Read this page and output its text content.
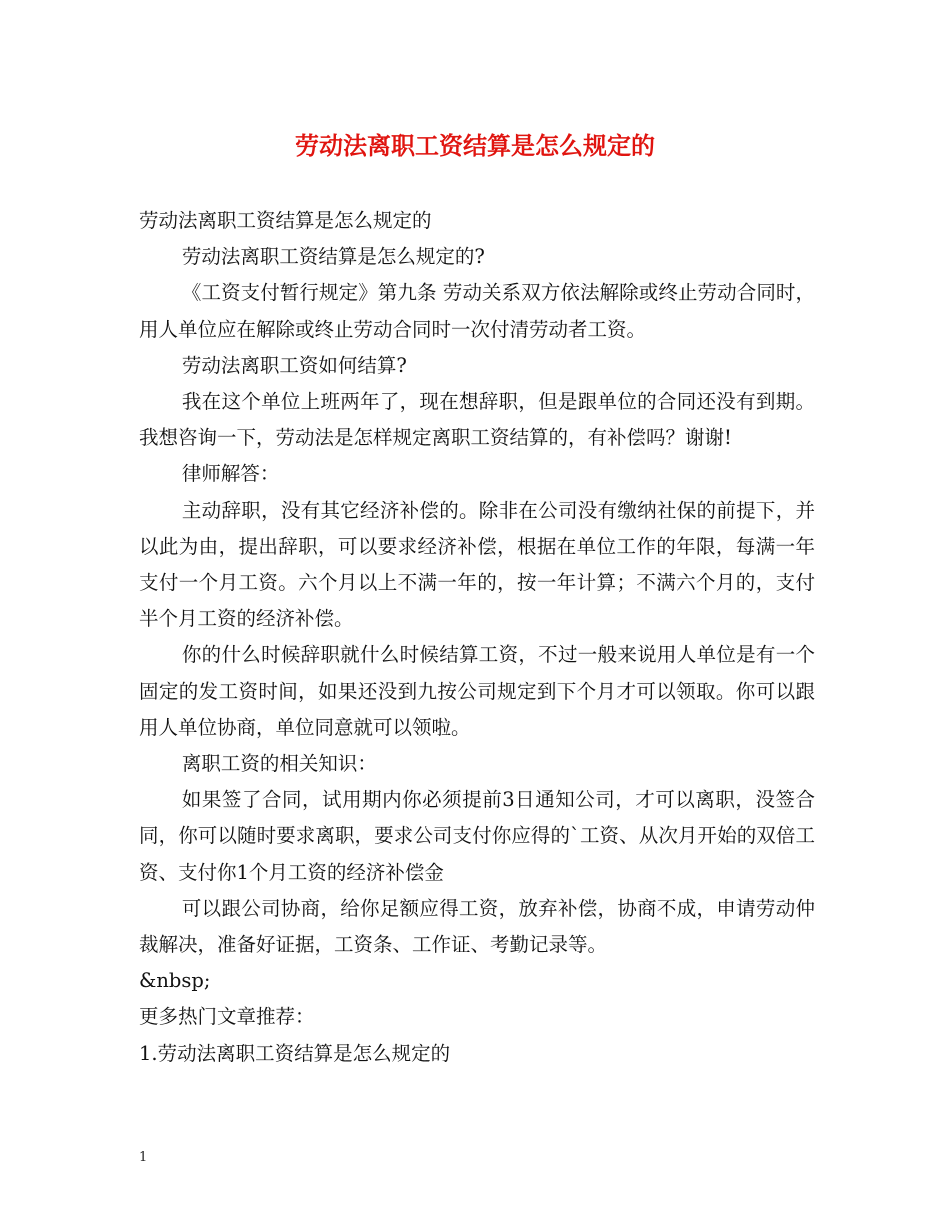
劳动法离职工资结算是怎么规定的

劳动法离职工资结算是怎么规定的

劳动法离职工资结算是怎么规定的?

《工资支付暂行规定》第九条 劳动关系双方依法解除或终止劳动合同时，用人单位应在解除或终止劳动合同时一次付清劳动者工资。

劳动法离职工资如何结算?

我在这个单位上班两年了，现在想辞职，但是跟单位的合同还没有到期。我想咨询一下，劳动法是怎样规定离职工资结算的，有补偿吗？谢谢!

律师解答：

主动辞职，没有其它经济补偿的。除非在公司没有缴纳社保的前提下，并以此为由，提出辞职，可以要求经济补偿，根据在单位工作的年限，每满一年支付一个月工资。六个月以上不满一年的，按一年计算；不满六个月的，支付半个月工资的经济补偿。

你的什么时候辞职就什么时候结算工资，不过一般来说用人单位是有一个固定的发工资时间，如果还没到九按公司规定到下个月才可以领取。你可以跟用人单位协商，单位同意就可以领啦。

离职工资的相关知识：

如果签了合同，试用期内你必须提前3日通知公司，才可以离职，没签合同，你可以随时要求离职，要求公司支付你应得的`工资、从次月开始的双倍工资、支付你1个月工资的经济补偿金

可以跟公司协商，给你足额应得工资，放弃补偿，协商不成，申请劳动仲裁解决，准备好证据，工资条、工作证、考勤记录等。

&nbsp;

更多热门文章推荐：

1.劳动法离职工资结算是怎么规定的

1
